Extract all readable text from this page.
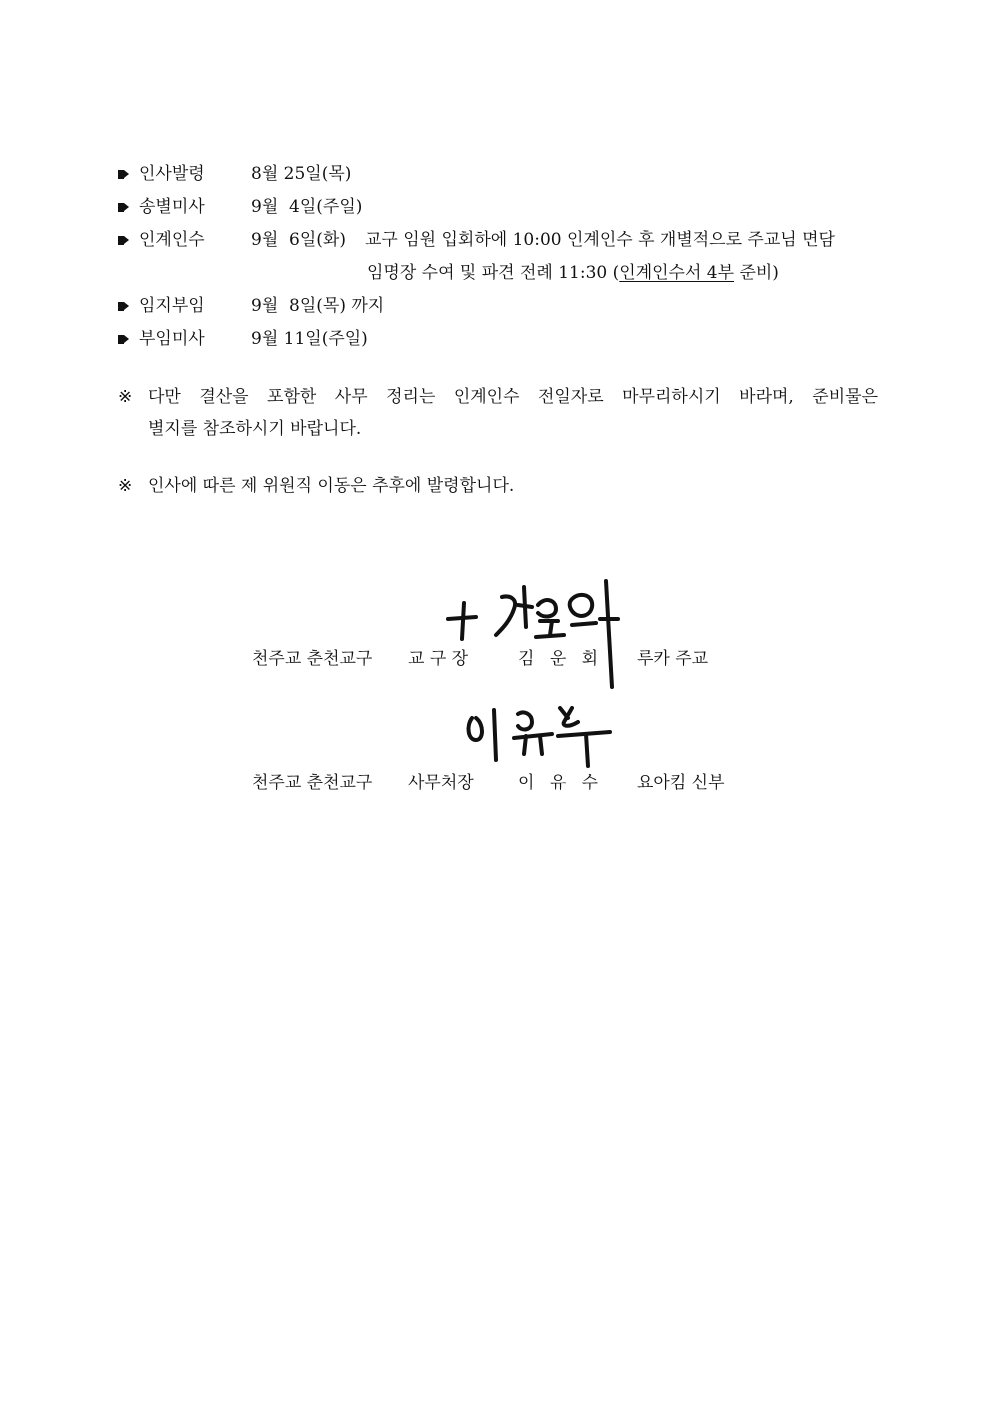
인사발령	8월 25일(목)
송별미사	9월  4일(주일)
인계인수	9월  6일(화) 교구 임원 입회하에 10:00 인계인수 후 개별적으로 주교님 면담
임명장 수여 및 파견 전례 11:30 (인계인수서 4부 준비)
임지부임	9월  8일(목) 까지
부임미사	9월 11일(주일)
※ 다만 결산을 포함한 사무 정리는 인계인수 전일자로 마무리하시기 바라며, 준비물은
별지를 참조하시기 바랍니다.
※ 인사에 따른 제 위원직 이동은 추후에 발령합니다.
천주교 춘천교구 교 구 장	김 운 회 루카 주교
천주교 춘천교구 사무처장	이 유 수 요아킴 신부
